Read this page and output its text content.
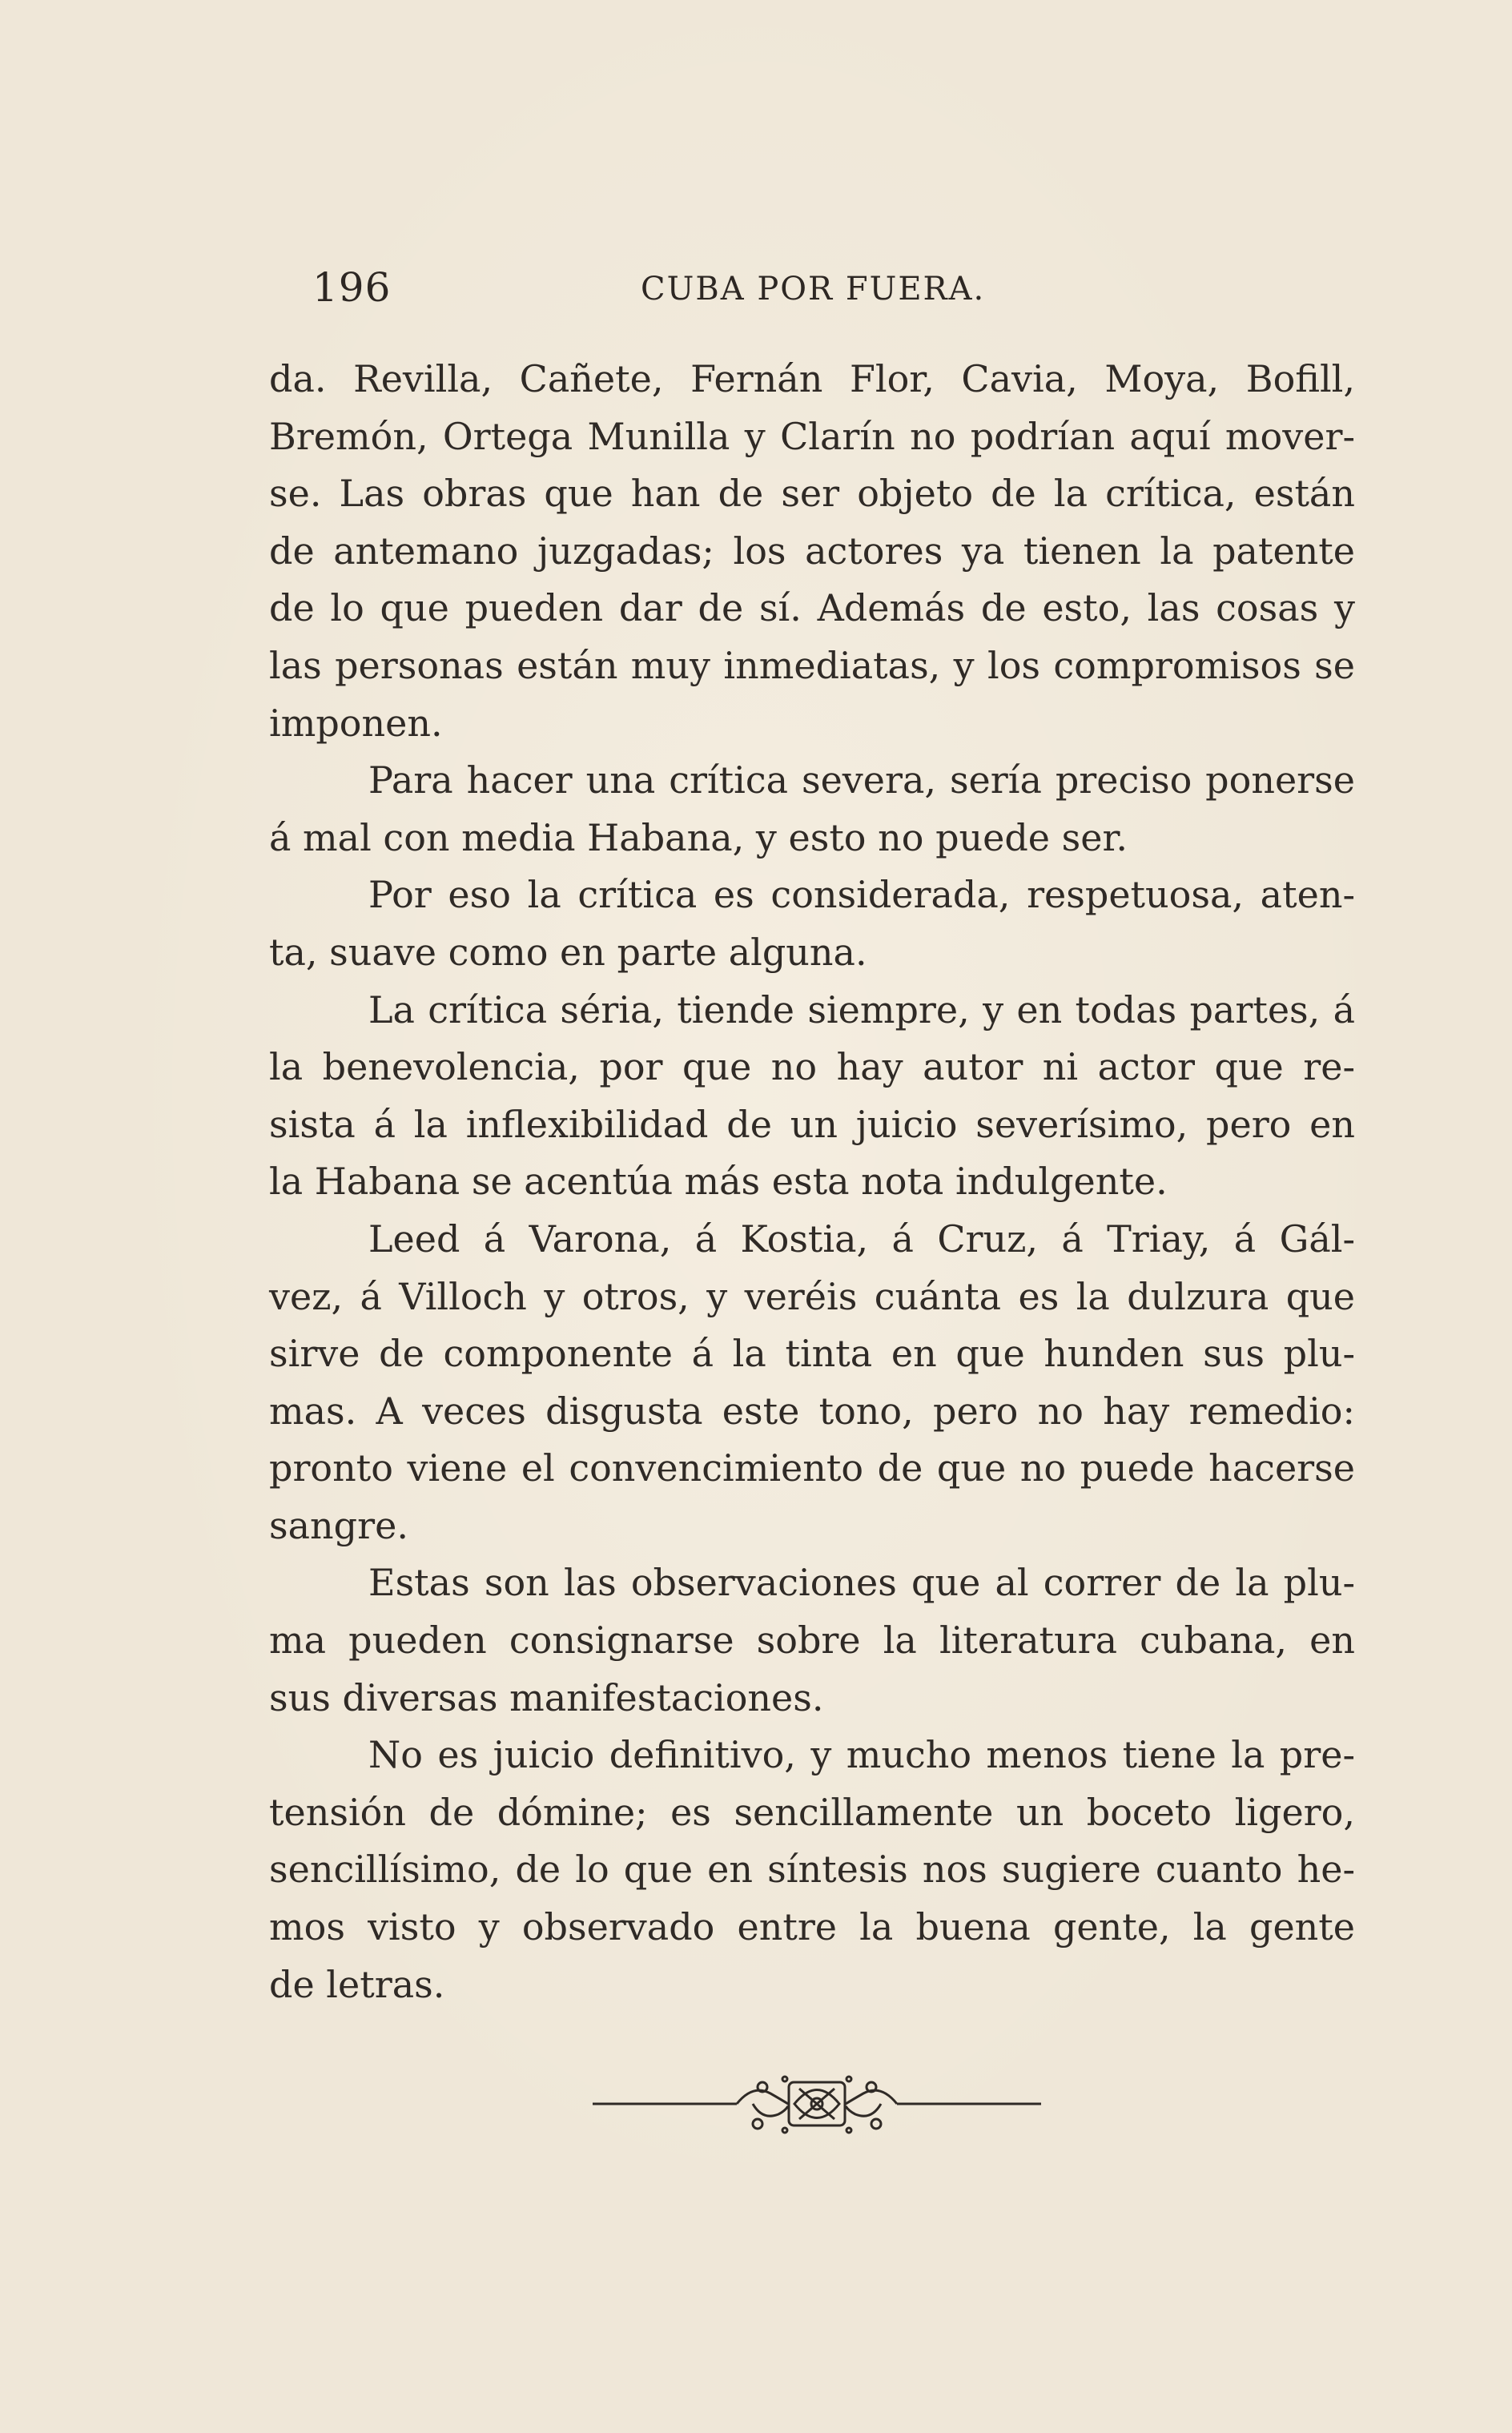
196	CUBA POR FUERA.
da. Revilla, Cañete, Fernán Flor, Cavia, Moya, Bofill,
Bremón, Ortega Munilla y Clarín no podrían aquí mover-
se. Las obras que han de ser objeto de la crítica, están
de antemano juzgadas; los actores ya tienen la patente
de lo que pueden dar de sí. Además de esto, las cosas y
las personas están muy inmediatas, y los compromisos se
imponen.
Para hacer una crítica severa, sería preciso ponerse
á mal con media Habana, y esto no puede ser.
Por eso la crítica es considerada, respetuosa, aten-
ta, suave como en parte alguna.
La crítica séria, tiende siempre, y en todas partes, á
la benevolencia, por que no hay autor ni actor que re-
sista á la inflexibilidad de un juicio severísimo, pero en
la Habana se acentúa más esta nota indulgente.
Leed á Varona, á Kostia, á Cruz, á Triay, á Gál-
vez, á Villoch y otros, y veréis cuánta es la dulzura que
sirve de componente á la tinta en que hunden sus plu-
mas. A veces disgusta este tono, pero no hay remedio:
pronto viene el convencimiento de que no puede hacerse
sangre.
Estas son las observaciones que al correr de la plu-
ma pueden consignarse sobre la literatura cubana, en
sus diversas manifestaciones.
No es juicio definitivo, y mucho menos tiene la pre-
tensión de dómine; es sencillamente un boceto ligero,
sencillísimo, de lo que en síntesis nos sugiere cuanto he-
mos visto y observado entre la buena gente, la gente
de letras.
